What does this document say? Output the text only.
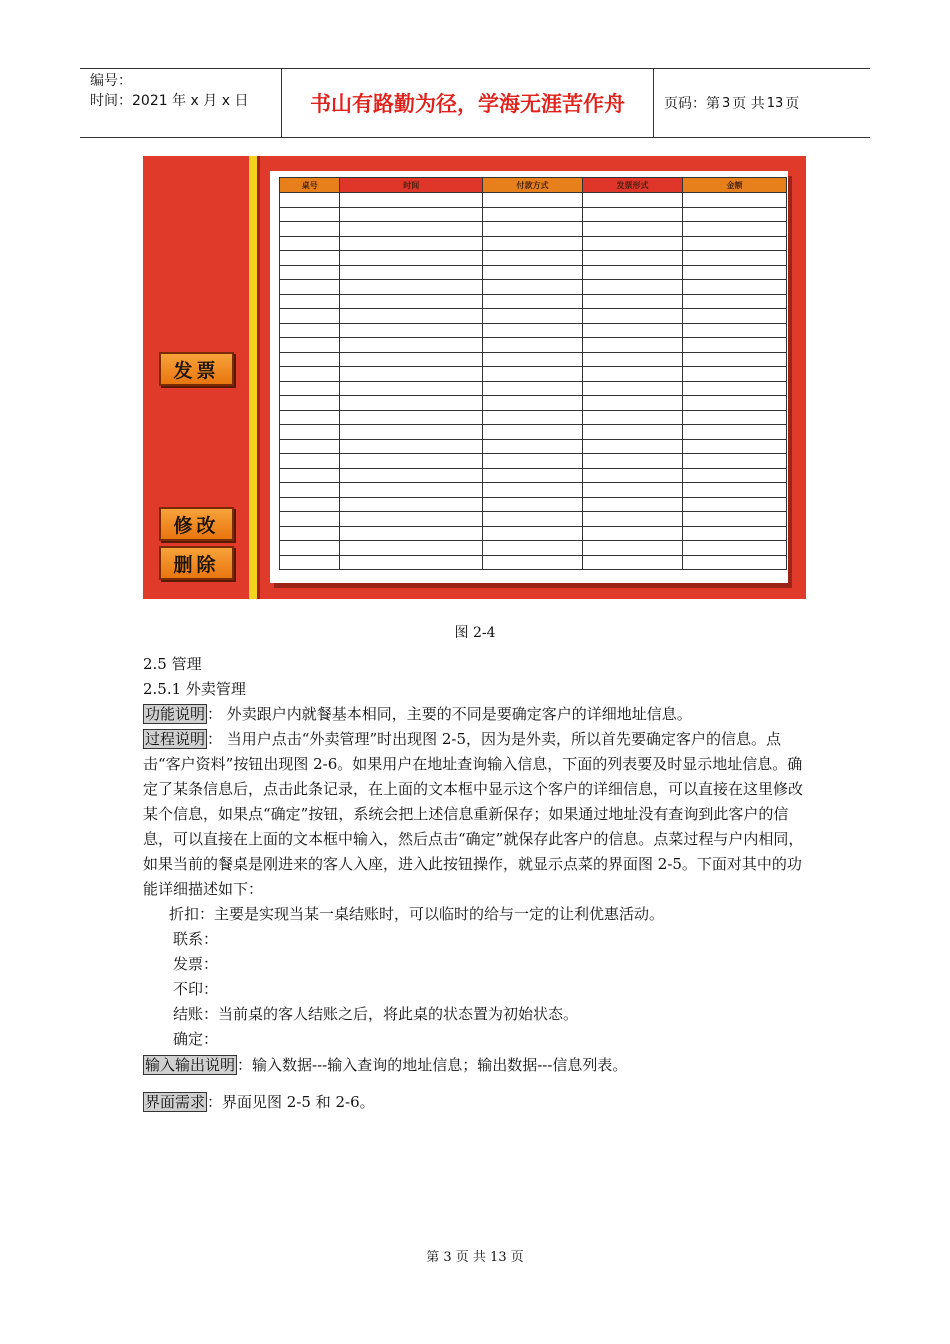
编号：
时间：2021 年 x 月 x 日	书山有路勤为径，学海无涯苦作舟	页码：第 3 页 共 13 页
发票
修改
删除
桌号	时间	付款方式	发票形式	金额

图 2-4

2.5 管理

2.5.1 外卖管理

功能说明 ： 外卖跟户内就餐基本相同，主要的不同是要确定客户的详细地址信息。

过程说明 ： 当用户点击“外卖管理”时出现图 2-5，因为是外卖，所以首先要确定客户的信息。点击“客户资料”按钮出现图 2-6。如果用户在地址查询输入信息，下面的列表要及时显示地址信息。确定了某条信息后，点击此条记录，在上面的文本框中显示这个客户的详细信息，可以直接在这里修改某个信息，如果点“确定”按钮，系统会把上述信息重新保存；如果通过地址没有查询到此客户的信息，可以直接在上面的文本框中输入，然后点击“确定”就保存此客户的信息。点菜过程与户内相同，如果当前的餐桌是刚进来的客人入座，进入此按钮操作，就显示点菜的界面图 2-5。下面对其中的功能详细描述如下：

折扣：主要是实现当某一桌结账时，可以临时的给与一定的让利优惠活动。

联系：

发票：

不印：

结账：当前桌的客人结账之后，将此桌的状态置为初始状态。

确定：

输入输出说明 ：输入数据---输入查询的地址信息；输出数据---信息列表。

界面需求 ：界面见图 2-5 和 2-6。

第 3 页 共 13 页
